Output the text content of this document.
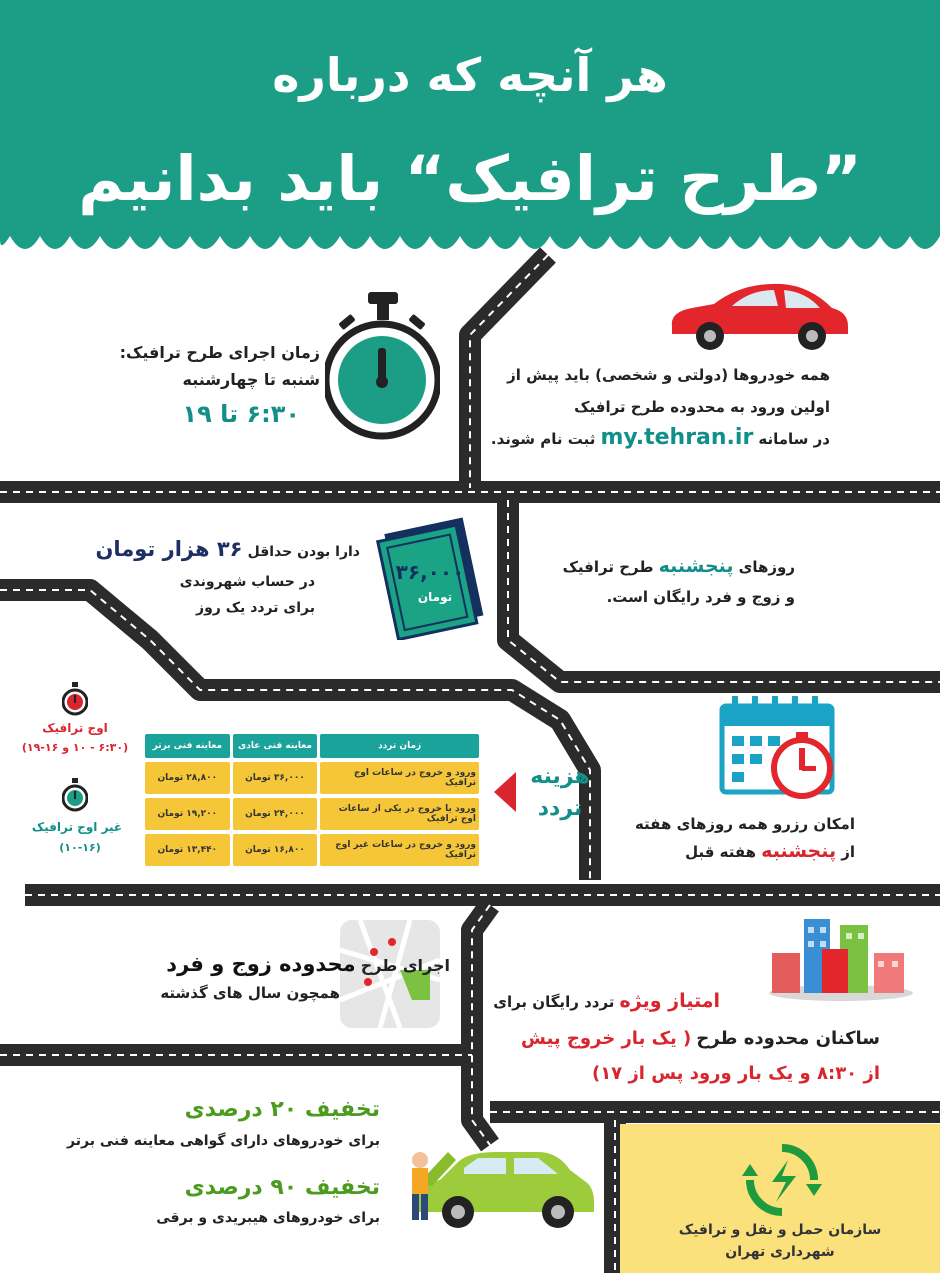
هر آنچه که درباره
”طرح ترافیک“ باید بدانیم
زمان اجرای طرح ترافیک:
شنبه تا چهارشنبه
۶:۳۰ تا ۱۹
همه خودروها (دولتی و شخصی) باید پیش از
اولین ورود به محدوده طرح ترافیک
در سامانه my.tehran.ir ثبت نام شوند.
دارا بودن حداقل ۳۶ هزار تومان
در حساب شهروندی
برای تردد یک روز
۳۶,۰۰۰
تومان
روزهای پنجشنبه طرح ترافیک
و زوج و فرد رایگان است.
اوج ترافیک
(۶:۳۰ - ۱۰ و ۱۶-۱۹)
غیر اوج ترافیک
(۱۰-۱۶)
زمان تردد	معاینه فنی عادی	معاینه فنی برتر
ورود و خروج در ساعات اوج ترافیک	۳۶,۰۰۰ تومان	۲۸,۸۰۰ تومان
ورود یا خروج در یکی از ساعات اوج ترافیک	۲۴,۰۰۰ تومان	۱۹,۲۰۰ تومان
ورود و خروج در ساعات غیر اوج ترافیک	۱۶,۸۰۰ تومان	۱۳,۴۴۰ تومان
هزینه
تردد
امکان رزرو همه روزهای هفته
از پنجشنبه هفته قبل
اجرای طرح محدوده زوج و فرد
همچون سال های گذشته	امتیاز ویژه تردد رایگان برای
ساکنان محدوده طرح ( یک بار خروج پیش
از ۸:۳۰ و یک بار ورود پس از ۱۷)
تخفیف ۲۰ درصدی
برای خودروهای دارای گواهی معاینه فنی برتر
تخفیف ۹۰ درصدی
برای خودروهای هیبریدی و برقی
سازمان حمل و نقل و ترافیک
شهرداری تهران
